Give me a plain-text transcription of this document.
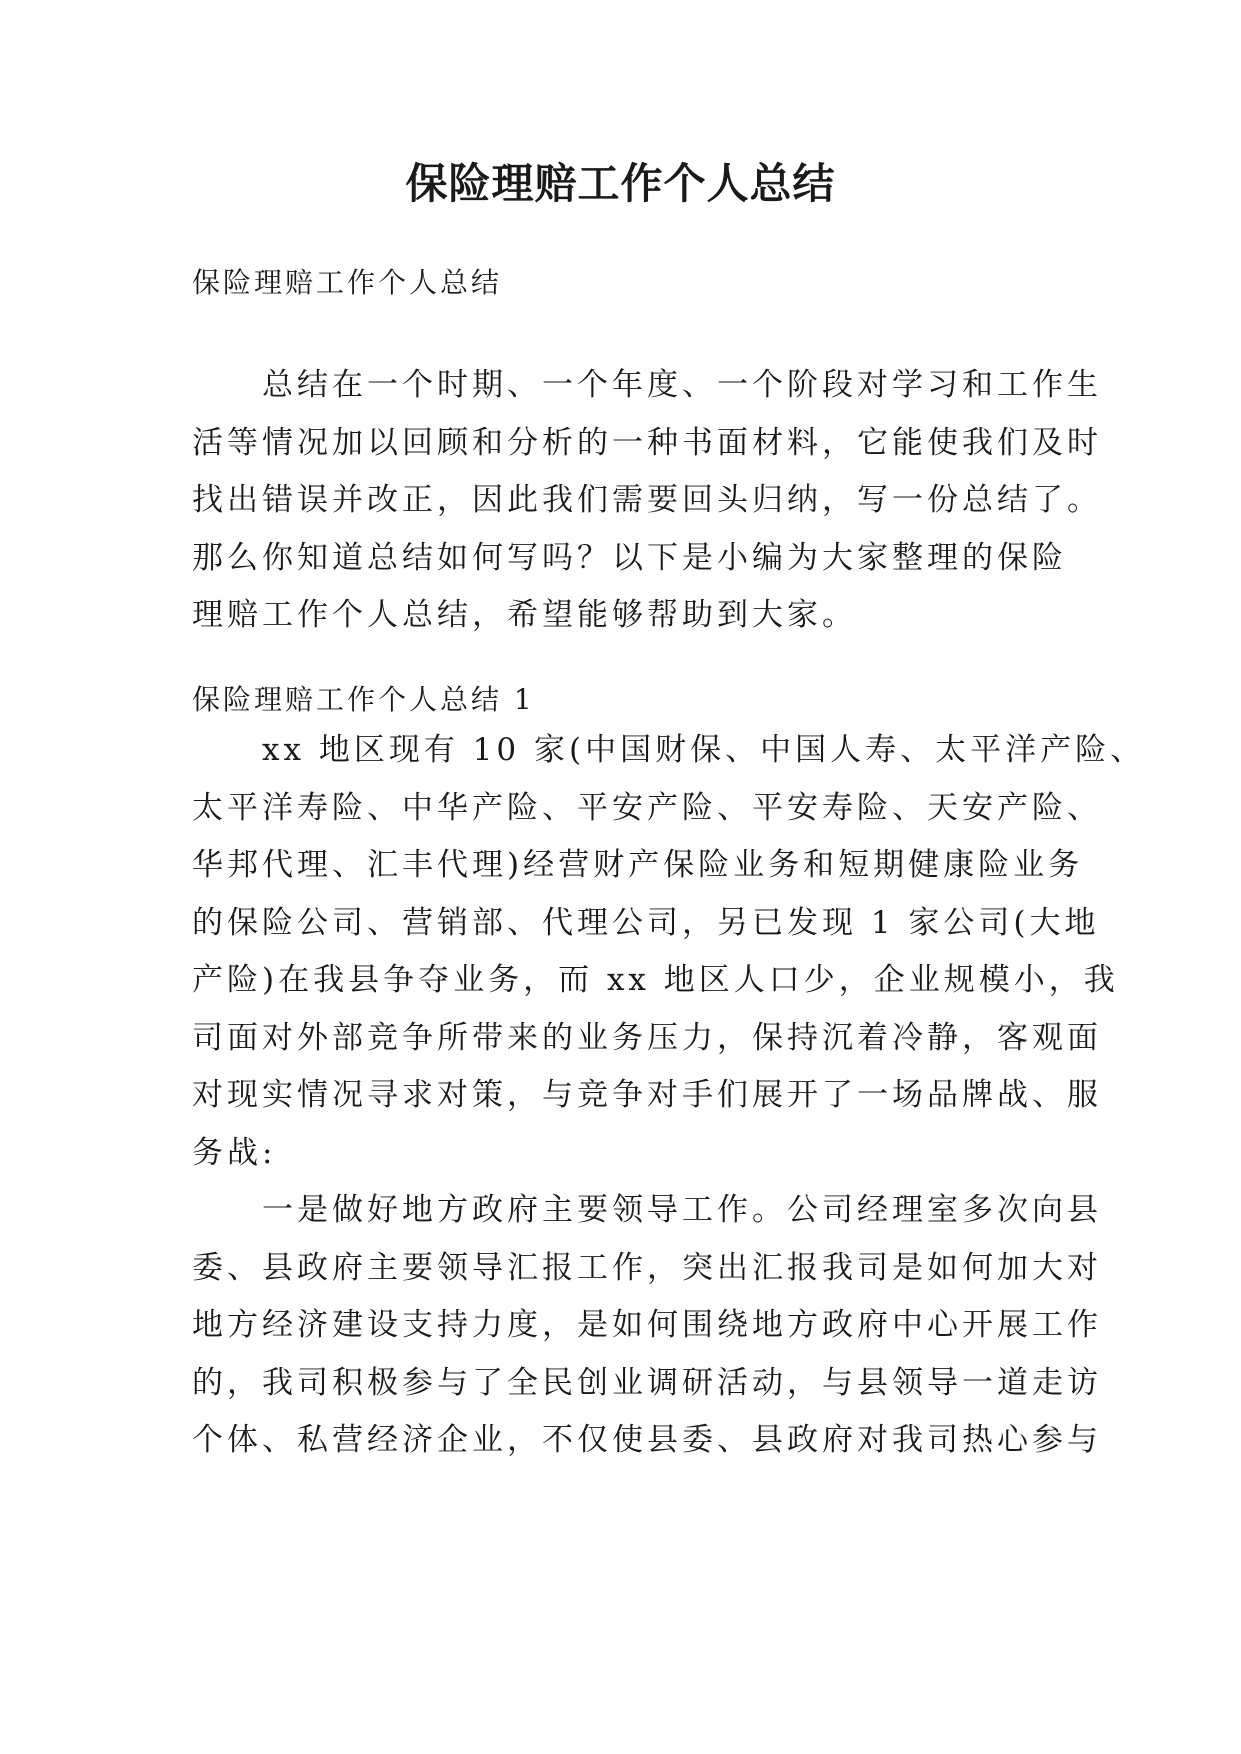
保险理赔工作个人总结

保险理赔工作个人总结

　　总结在一个时期、一个年度、一个阶段对学习和工作生
活等情况加以回顾和分析的一种书面材料，它能使我们及时
找出错误并改正，因此我们需要回头归纳，写一份总结了。
那么你知道总结如何写吗？以下是小编为大家整理的保险
理赔工作个人总结，希望能够帮助到大家。

保险理赔工作个人总结 1

　　xx 地区现有 10 家(中国财保、中国人寿、太平洋产险、
太平洋寿险、中华产险、平安产险、平安寿险、天安产险、
华邦代理、汇丰代理)经营财产保险业务和短期健康险业务
的保险公司、营销部、代理公司，另已发现 1 家公司(大地
产险)在我县争夺业务，而 xx 地区人口少，企业规模小，我
司面对外部竞争所带来的业务压力，保持沉着冷静，客观面
对现实情况寻求对策，与竞争对手们展开了一场品牌战、服
务战:
　　一是做好地方政府主要领导工作。公司经理室多次向县
委、县政府主要领导汇报工作，突出汇报我司是如何加大对
地方经济建设支持力度，是如何围绕地方政府中心开展工作
的，我司积极参与了全民创业调研活动，与县领导一道走访
个体、私营经济企业，不仅使县委、县政府对我司热心参与
